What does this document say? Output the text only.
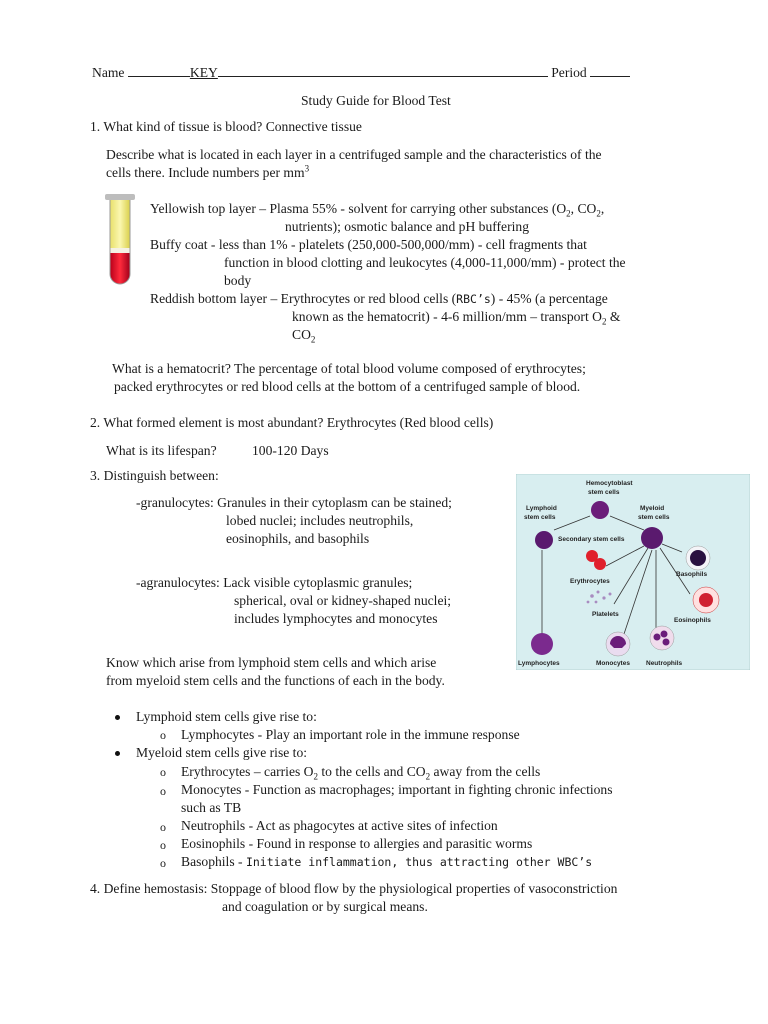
Name	KEY	Period
Study Guide for Blood Test
1. What kind of tissue is blood? Connective tissue
Describe what is located in each layer in a centrifuged sample and the characteristics of the
cells there. Include numbers per $mm^3$
Yellowish top layer – Plasma 55% - solvent for carrying other substances ($O_2$, $CO_2$,
nutrients); osmotic balance and pH buffering
Buffy coat - less than 1% - platelets (250,000-500,000/mm) - cell fragments that
function in blood clotting and leukocytes (4,000-11,000/mm) - protect the
body
Reddish bottom layer – Erythrocytes or red blood cells (RBC’s) - 45% (a percentage
known as the hematocrit) - 4-6 million/mm – transport $O_2$ &
$CO_2$
What is a hematocrit? The percentage of total blood volume composed of erythrocytes;
packed erythrocytes or red blood cells at the bottom of a centrifuged sample of blood.
2. What formed element is most abundant? Erythrocytes (Red blood cells)
What is its lifespan?	100-120 Days
3. Distinguish between:
-granulocytes: Granules in their cytoplasm can be stained;
lobed nuclei; includes neutrophils,
eosinophils, and basophils
-agranulocytes: Lack visible cytoplasmic granules;
spherical, oval or kidney-shaped nuclei;
includes lymphocytes and monocytes
Know which arise from lymphoid stem cells and which arise
from myeloid stem cells and the functions of each in the body.
Lymphoid stem cells give rise to:
o Lymphocytes - Play an important role in the immune response
Myeloid stem cells give rise to:
o Erythrocytes – carries $O_2$ to the cells and $CO_2$ away from the cells
o Monocytes - Function as macrophages; important in fighting chronic infections
such as TB
o Neutrophils - Act as phagocytes at active sites of infection
o Eosinophils - Found in response to allergies and parasitic worms
o Basophils - Initiate inflammation, thus attracting other WBC’s
4. Define hemostasis: Stoppage of blood flow by the physiological properties of vasoconstriction
and coagulation or by surgical means.
Hemocytoblast
stem cells
Lymphoid
stem cells
Myeloid
stem cells
Secondary stem cells
Erythrocytes
Basophils
Platelets
Eosinophils
Lymphocytes	Monocytes Neutrophils
